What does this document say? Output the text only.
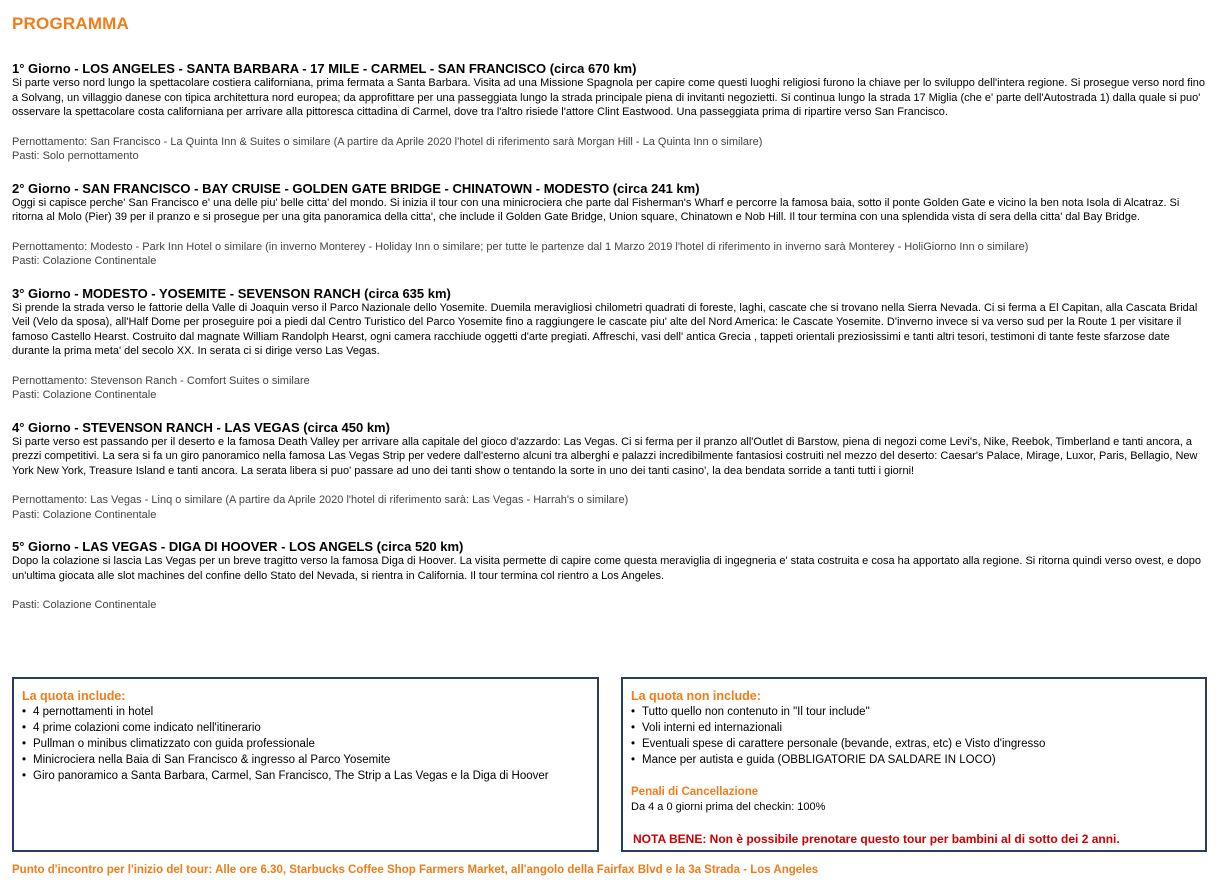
PROGRAMMA
1° Giorno - LOS ANGELES - SANTA BARBARA - 17 MILE - CARMEL - SAN FRANCISCO (circa 670 km)
Si parte verso nord lungo la spettacolare costiera californiana, prima fermata a Santa Barbara. Visita ad una Missione Spagnola per capire come questi luoghi religiosi furono la chiave per lo sviluppo dell'intera regione. Si prosegue verso nord fino a Solvang, un villaggio danese con tipica architettura nord europea; da approfittare per una passeggiata lungo la strada principale piena di invitanti negozietti. Si continua lungo la strada 17 Miglia (che e' parte dell'Autostrada 1) dalla quale si puo' osservare la spettacolare costa californiana per arrivare alla pittoresca cittadina di Carmel, dove tra l'altro risiede l'attore Clint Eastwood. Una passeggiata prima di ripartire verso San Francisco.
Pernottamento: San Francisco - La Quinta Inn & Suites o similare (A partire da Aprile 2020 l'hotel di riferimento sarà Morgan Hill - La Quinta Inn o similare)
Pasti: Solo pernottamento
2° Giorno - SAN FRANCISCO - BAY CRUISE - GOLDEN GATE BRIDGE - CHINATOWN - MODESTO (circa 241 km)
Oggi si capisce perche' San Francisco e' una delle piu' belle citta' del mondo. Si inizia il tour con una minicrociera che parte dal Fisherman's Wharf e percorre la famosa baia, sotto il ponte Golden Gate e vicino la ben nota Isola di Alcatraz. Si ritorna al Molo (Pier) 39 per il pranzo e si prosegue per una gita panoramica della citta', che include il Golden Gate Bridge, Union square, Chinatown e Nob Hill. Il tour termina con una splendida vista di sera della citta' dal Bay Bridge.
Pernottamento: Modesto - Park Inn Hotel o similare (in inverno Monterey - Holiday Inn o similare; per tutte le partenze dal 1 Marzo 2019 l'hotel di riferimento in inverno sarà Monterey - HoliGiorno Inn o similare)
Pasti: Colazione Continentale
3° Giorno - MODESTO - YOSEMITE - SEVENSON RANCH (circa 635 km)
Si prende la strada verso le fattorie della Valle di Joaquin verso il Parco Nazionale dello Yosemite. Duemila meravigliosi chilometri quadrati di foreste, laghi, cascate che si trovano nella Sierra Nevada. Ci si ferma a El Capitan, alla Cascata Bridal Veil (Velo da sposa), all'Half Dome per proseguire poi a piedi dal Centro Turistico del Parco Yosemite fino a raggiungere le cascate piu' alte del Nord America: le Cascate Yosemite. D'inverno invece si va verso sud per la Route 1 per visitare il famoso Castello Hearst. Costruito dal magnate William Randolph Hearst, ogni camera racchiude oggetti d'arte pregiati. Affreschi, vasi dell' antica Grecia , tappeti orientali preziosissimi e tanti altri tesori, testimoni di tante feste sfarzose date durante la prima meta' del secolo XX. In serata ci si dirige verso Las Vegas.
Pernottamento: Stevenson Ranch - Comfort Suites o similare
Pasti: Colazione Continentale
4° Giorno - STEVENSON RANCH - LAS VEGAS (circa 450 km)
Si parte verso est passando per il deserto e la famosa Death Valley per arrivare alla capitale del gioco d'azzardo: Las Vegas. Ci si ferma per il pranzo all'Outlet di Barstow, piena di negozi come Levi's, Nike, Reebok, Timberland e tanti ancora, a prezzi competitivi. La sera si fa un giro panoramico nella famosa Las Vegas Strip per vedere dall'esterno alcuni tra alberghi e palazzi incredibilmente fantasiosi costruiti nel mezzo del deserto: Caesar's Palace, Mirage, Luxor, Paris, Bellagio, New York New York, Treasure Island e tanti ancora. La serata libera si puo' passare ad uno dei tanti show o tentando la sorte in uno dei tanti casino', la dea bendata sorride a tanti tutti i giorni!
Pernottamento: Las Vegas - Linq o similare (A partire da Aprile 2020 l'hotel di riferimento sarà: Las Vegas - Harrah's o similare)
Pasti: Colazione Continentale
5° Giorno - LAS VEGAS - DIGA DI HOOVER - LOS ANGELS (circa 520 km)
Dopo la colazione si lascia Las Vegas per un breve tragitto verso la famosa Diga di Hoover. La visita permette di capire come questa meraviglia di ingegneria e' stata costruita e cosa ha apportato alla regione. Si ritorna quindi verso ovest, e dopo un'ultima giocata alle slot machines del confine dello Stato del Nevada, si rientra in California. Il tour termina col rientro a Los Angeles.
Pasti: Colazione Continentale
La quota include:
• 4 pernottamenti in hotel
• 4 prime colazioni come indicato nell'itinerario
• Pullman o minibus climatizzato con guida professionale
• Minicrociera nella Baia di San Francisco & ingresso al Parco Yosemite
• Giro panoramico a Santa Barbara, Carmel, San Francisco, The Strip a Las Vegas e la Diga di Hoover
La quota non include:
• Tutto quello non contenuto in "Il tour include"
• Voli interni ed internazionali
• Eventuali spese di carattere personale (bevande, extras, etc) e Visto d'ingresso
• Mance per autista e guida (OBBLIGATORIE DA SALDARE IN LOCO)
Penali di Cancellazione
Da 4 a 0 giorni prima del checkin: 100%
NOTA BENE: Non è possibile prenotare questo tour per bambini al di sotto dei 2 anni.
Punto d'incontro per l'inizio del tour: Alle ore 6.30, Starbucks Coffee Shop Farmers Market, all'angolo della Fairfax Blvd e la 3a Strada - Los Angeles
